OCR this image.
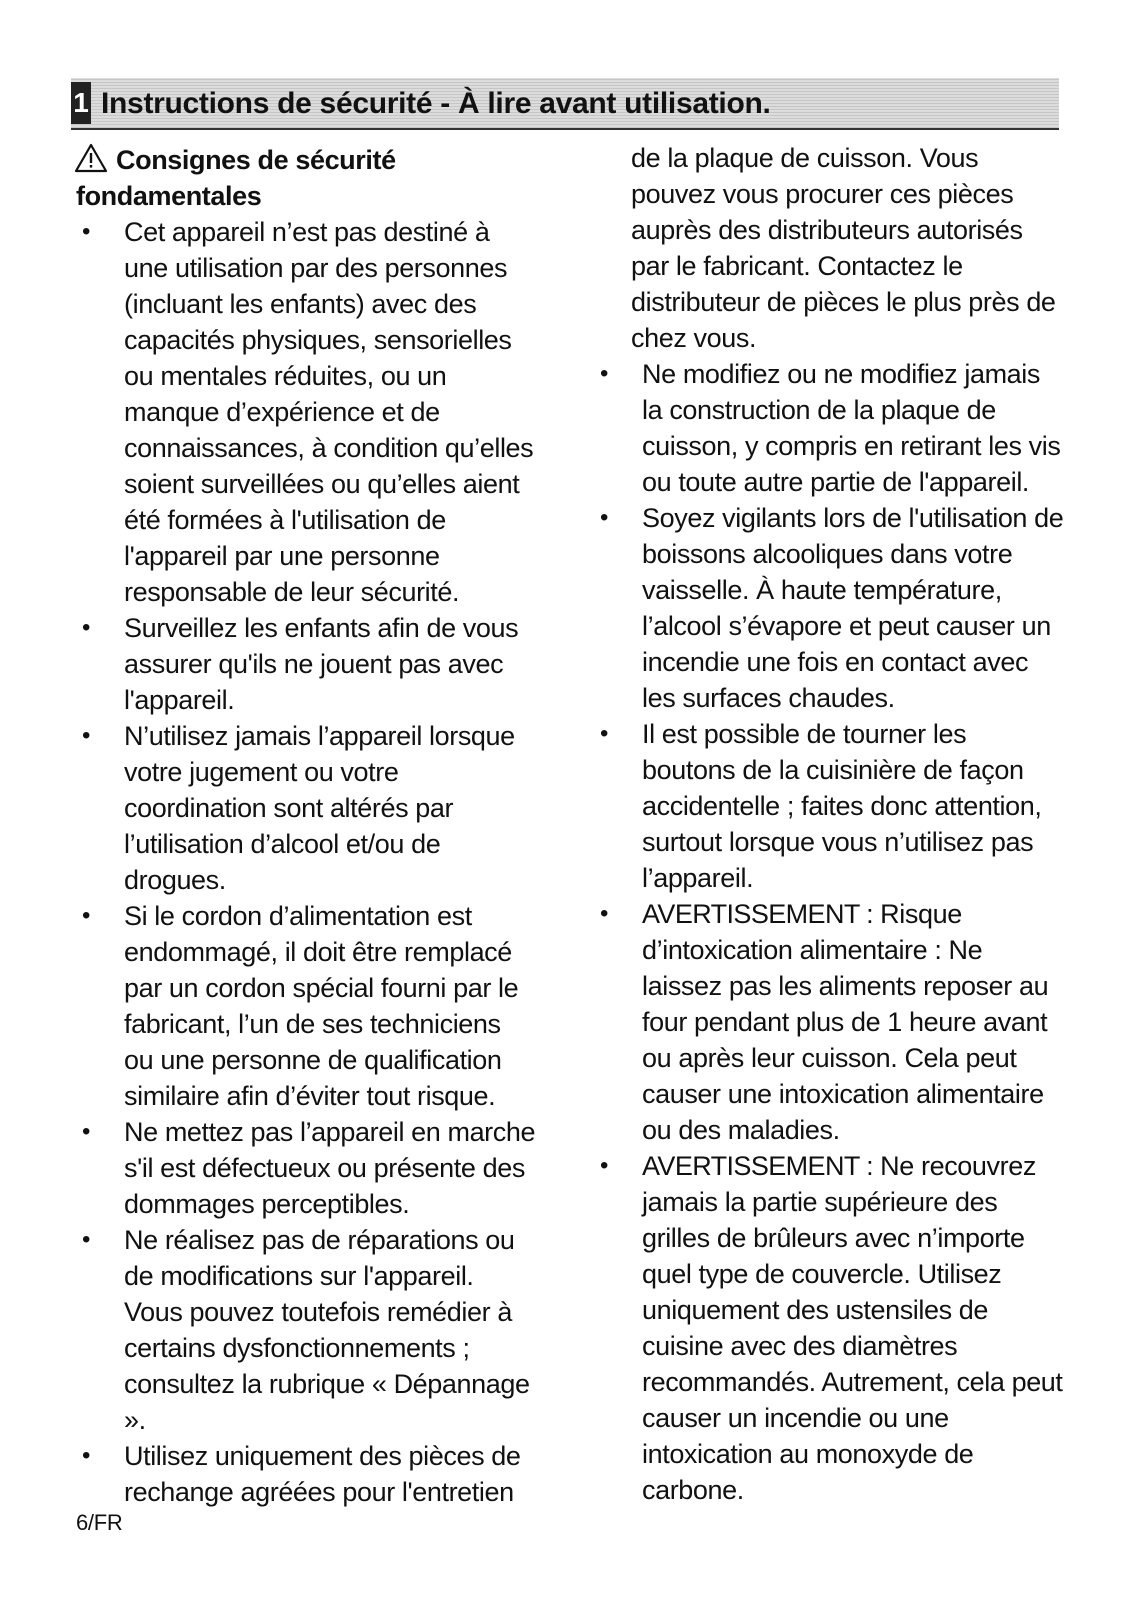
1 Instructions de sécurité - À lire avant utilisation.
Consignes de sécurité fondamentales
• Cet appareil n’est pas destiné à une utilisation par des personnes (incluant les enfants) avec des capacités physiques, sensorielles ou mentales réduites, ou un manque d’expérience et de connaissances, à condition qu’elles soient surveillées ou qu’elles aient été formées à l'utilisation de l'appareil par une personne responsable de leur sécurité.
• Surveillez les enfants afin de vous assurer qu'ils ne jouent pas avec l'appareil.
• N’utilisez jamais l’appareil lorsque votre jugement ou votre coordination sont altérés par l’utilisation d’alcool et/ou de drogues.
• Si le cordon d’alimentation est endommagé, il doit être remplacé par un cordon spécial fourni par le fabricant, l’un de ses techniciens ou une personne de qualification similaire afin d’éviter tout risque.
• Ne mettez pas l’appareil en marche s'il est défectueux ou présente des dommages perceptibles.
• Ne réalisez pas de réparations ou de modifications sur l'appareil. Vous pouvez toutefois remédier à certains dysfonctionnements ; consultez la rubrique « Dépannage ».
• Utilisez uniquement des pièces de rechange agréées pour l'entretien
de la plaque de cuisson. Vous pouvez vous procurer ces pièces auprès des distributeurs autorisés par le fabricant. Contactez le distributeur de pièces le plus près de chez vous.
• Ne modifiez ou ne modifiez jamais la construction de la plaque de cuisson, y compris en retirant les vis ou toute autre partie de l'appareil.
• Soyez vigilants lors de l'utilisation de boissons alcooliques dans votre vaisselle. À haute température, l’alcool s’évapore et peut causer un incendie une fois en contact avec les surfaces chaudes.
• Il est possible de tourner les boutons de la cuisinière de façon accidentelle ; faites donc attention, surtout lorsque vous n’utilisez pas l’appareil.
• AVERTISSEMENT : Risque d’intoxication alimentaire : Ne laissez pas les aliments reposer au four pendant plus de 1 heure avant ou après leur cuisson. Cela peut causer une intoxication alimentaire ou des maladies.
• AVERTISSEMENT : Ne recouvrez jamais la partie supérieure des grilles de brûleurs avec n’importe quel type de couvercle. Utilisez uniquement des ustensiles de cuisine avec des diamètres recommandés. Autrement, cela peut causer un incendie ou une intoxication au monoxyde de carbone.
6/FR
